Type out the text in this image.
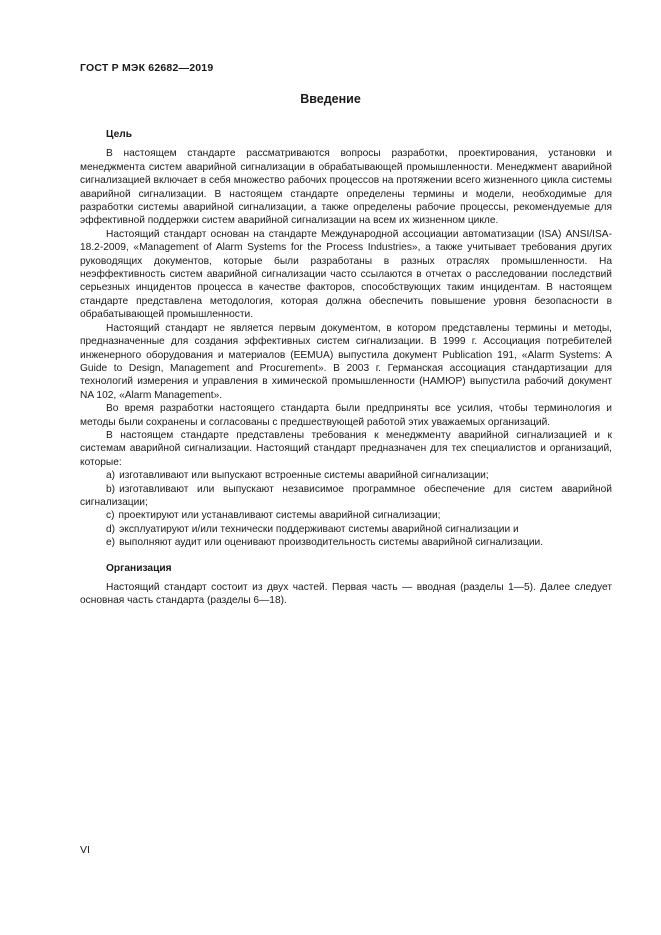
ГОСТ Р МЭК 62682—2019
Введение

Цель

В настоящем стандарте рассматриваются вопросы разработки, проектирования, установки и менеджмента систем аварийной сигнализации в обрабатывающей промышленности. Менеджмент аварийной сигнализацией включает в себя множество рабочих процессов на протяжении всего жизненного цикла системы аварийной сигнализации. В настоящем стандарте определены термины и модели, необходимые для разработки системы аварийной сигнализации, а также определены рабочие процессы, рекомендуемые для эффективной поддержки систем аварийной сигнализации на всем их жизненном цикле.

Настоящий стандарт основан на стандарте Международной ассоциации автоматизации (ISA) ANSI/ISA-18.2-2009, «Management of Alarm Systems for the Process Industries», а также учитывает требования других руководящих документов, которые были разработаны в разных отраслях промышленности. На неэффективность систем аварийной сигнализации часто ссылаются в отчетах о расследовании последствий серьезных инцидентов процесса в качестве факторов, способствующих таким инцидентам. В настоящем стандарте представлена методология, которая должна обеспечить повышение уровня безопасности в обрабатывающей промышленности.

Настоящий стандарт не является первым документом, в котором представлены термины и методы, предназначенные для создания эффективных систем сигнализации. В 1999 г. Ассоциация потребителей инженерного оборудования и материалов (EEMUA) выпустила документ Publication 191, «Alarm Systems: A Guide to Design, Management and Procurement». В 2003 г. Германская ассоциация стандартизации для технологий измерения и управления в химической промышленности (НАМЮР) выпустила рабочий документ NA 102, «Alarm Management».

Во время разработки настоящего стандарта были предприняты все усилия, чтобы терминология и методы были сохранены и согласованы с предшествующей работой этих уважаемых организаций.

В настоящем стандарте представлены требования к менеджменту аварийной сигнализацией и к системам аварийной сигнализации. Настоящий стандарт предназначен для тех специалистов и организаций, которые:

a) изготавливают или выпускают встроенные системы аварийной сигнализации;

b) изготавливают или выпускают независимое программное обеспечение для систем аварийной сигнализации;

c) проектируют или устанавливают системы аварийной сигнализации;

d) эксплуатируют и/или технически поддерживают системы аварийной сигнализации и

e) выполняют аудит или оценивают производительность системы аварийной сигнализации.

Организация

Настоящий стандарт состоит из двух частей. Первая часть — вводная (разделы 1—5). Далее следует основная часть стандарта (разделы 6—18).

VI
